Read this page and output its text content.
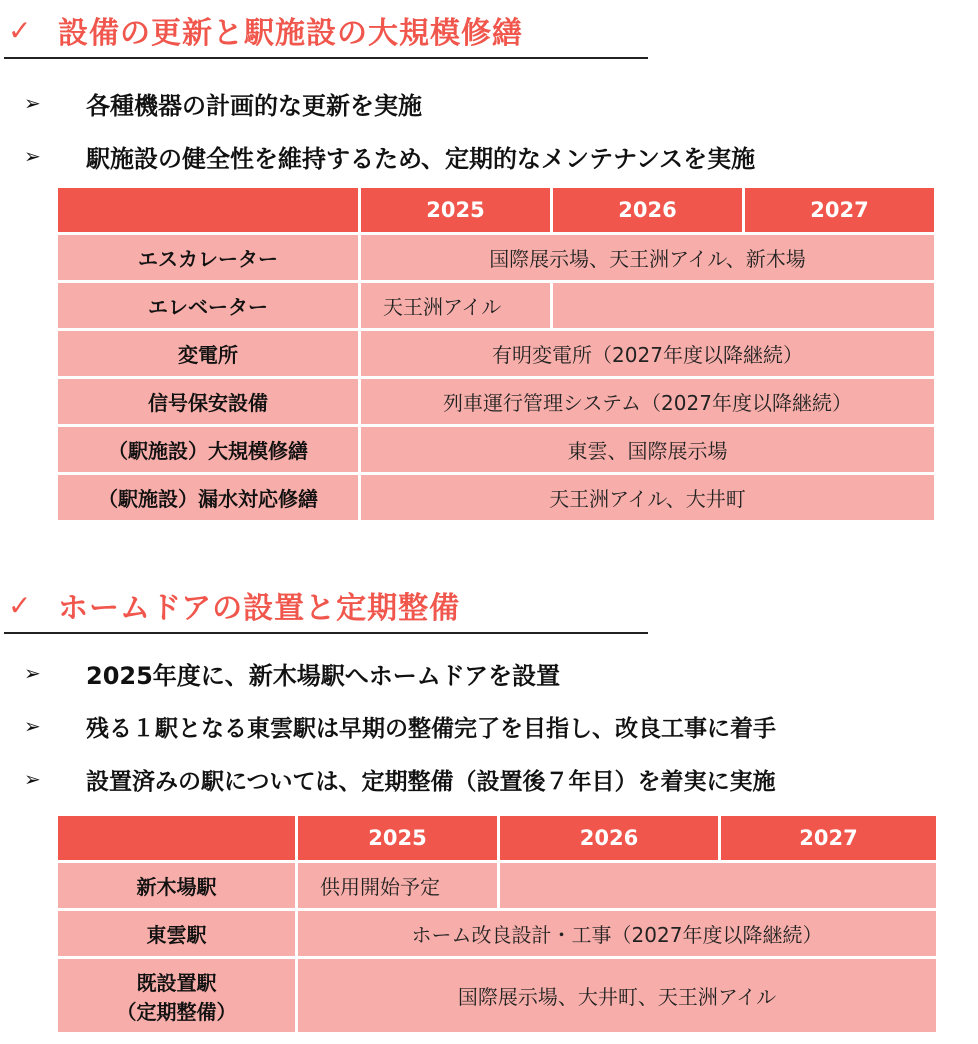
✓ 設備の更新と駅施設の大規模修繕
➢	各種機器の計画的な更新を実施
➢	駅施設の健全性を維持するため、定期的なメンテナンスを実施
	2025	2026	2027
エスカレーター	国際展示場、天王洲アイル、新木場		
エレベーター	天王洲アイル		
変電所	有明変電所（2027年度以降継続）		
信号保安設備	列車運行管理システム（2027年度以降継続）		
（駅施設）大規模修繕	東雲、国際展示場		
（駅施設）漏水対応修繕	天王洲アイル、大井町		
✓ ホームドアの設置と定期整備
➢	2025年度に、新木場駅へホームドアを設置
➢	残る１駅となる東雲駅は早期の整備完了を目指し、改良工事に着手
➢	設置済みの駅については、定期整備（設置後７年目）を着実に実施
	2025	2026	2027
新木場駅	供用開始予定		
東雲駅	ホーム改良設計・工事（2027年度以降継続）		

既設置駅
（定期整備）	国際展示場、大井町、天王洲アイル		
